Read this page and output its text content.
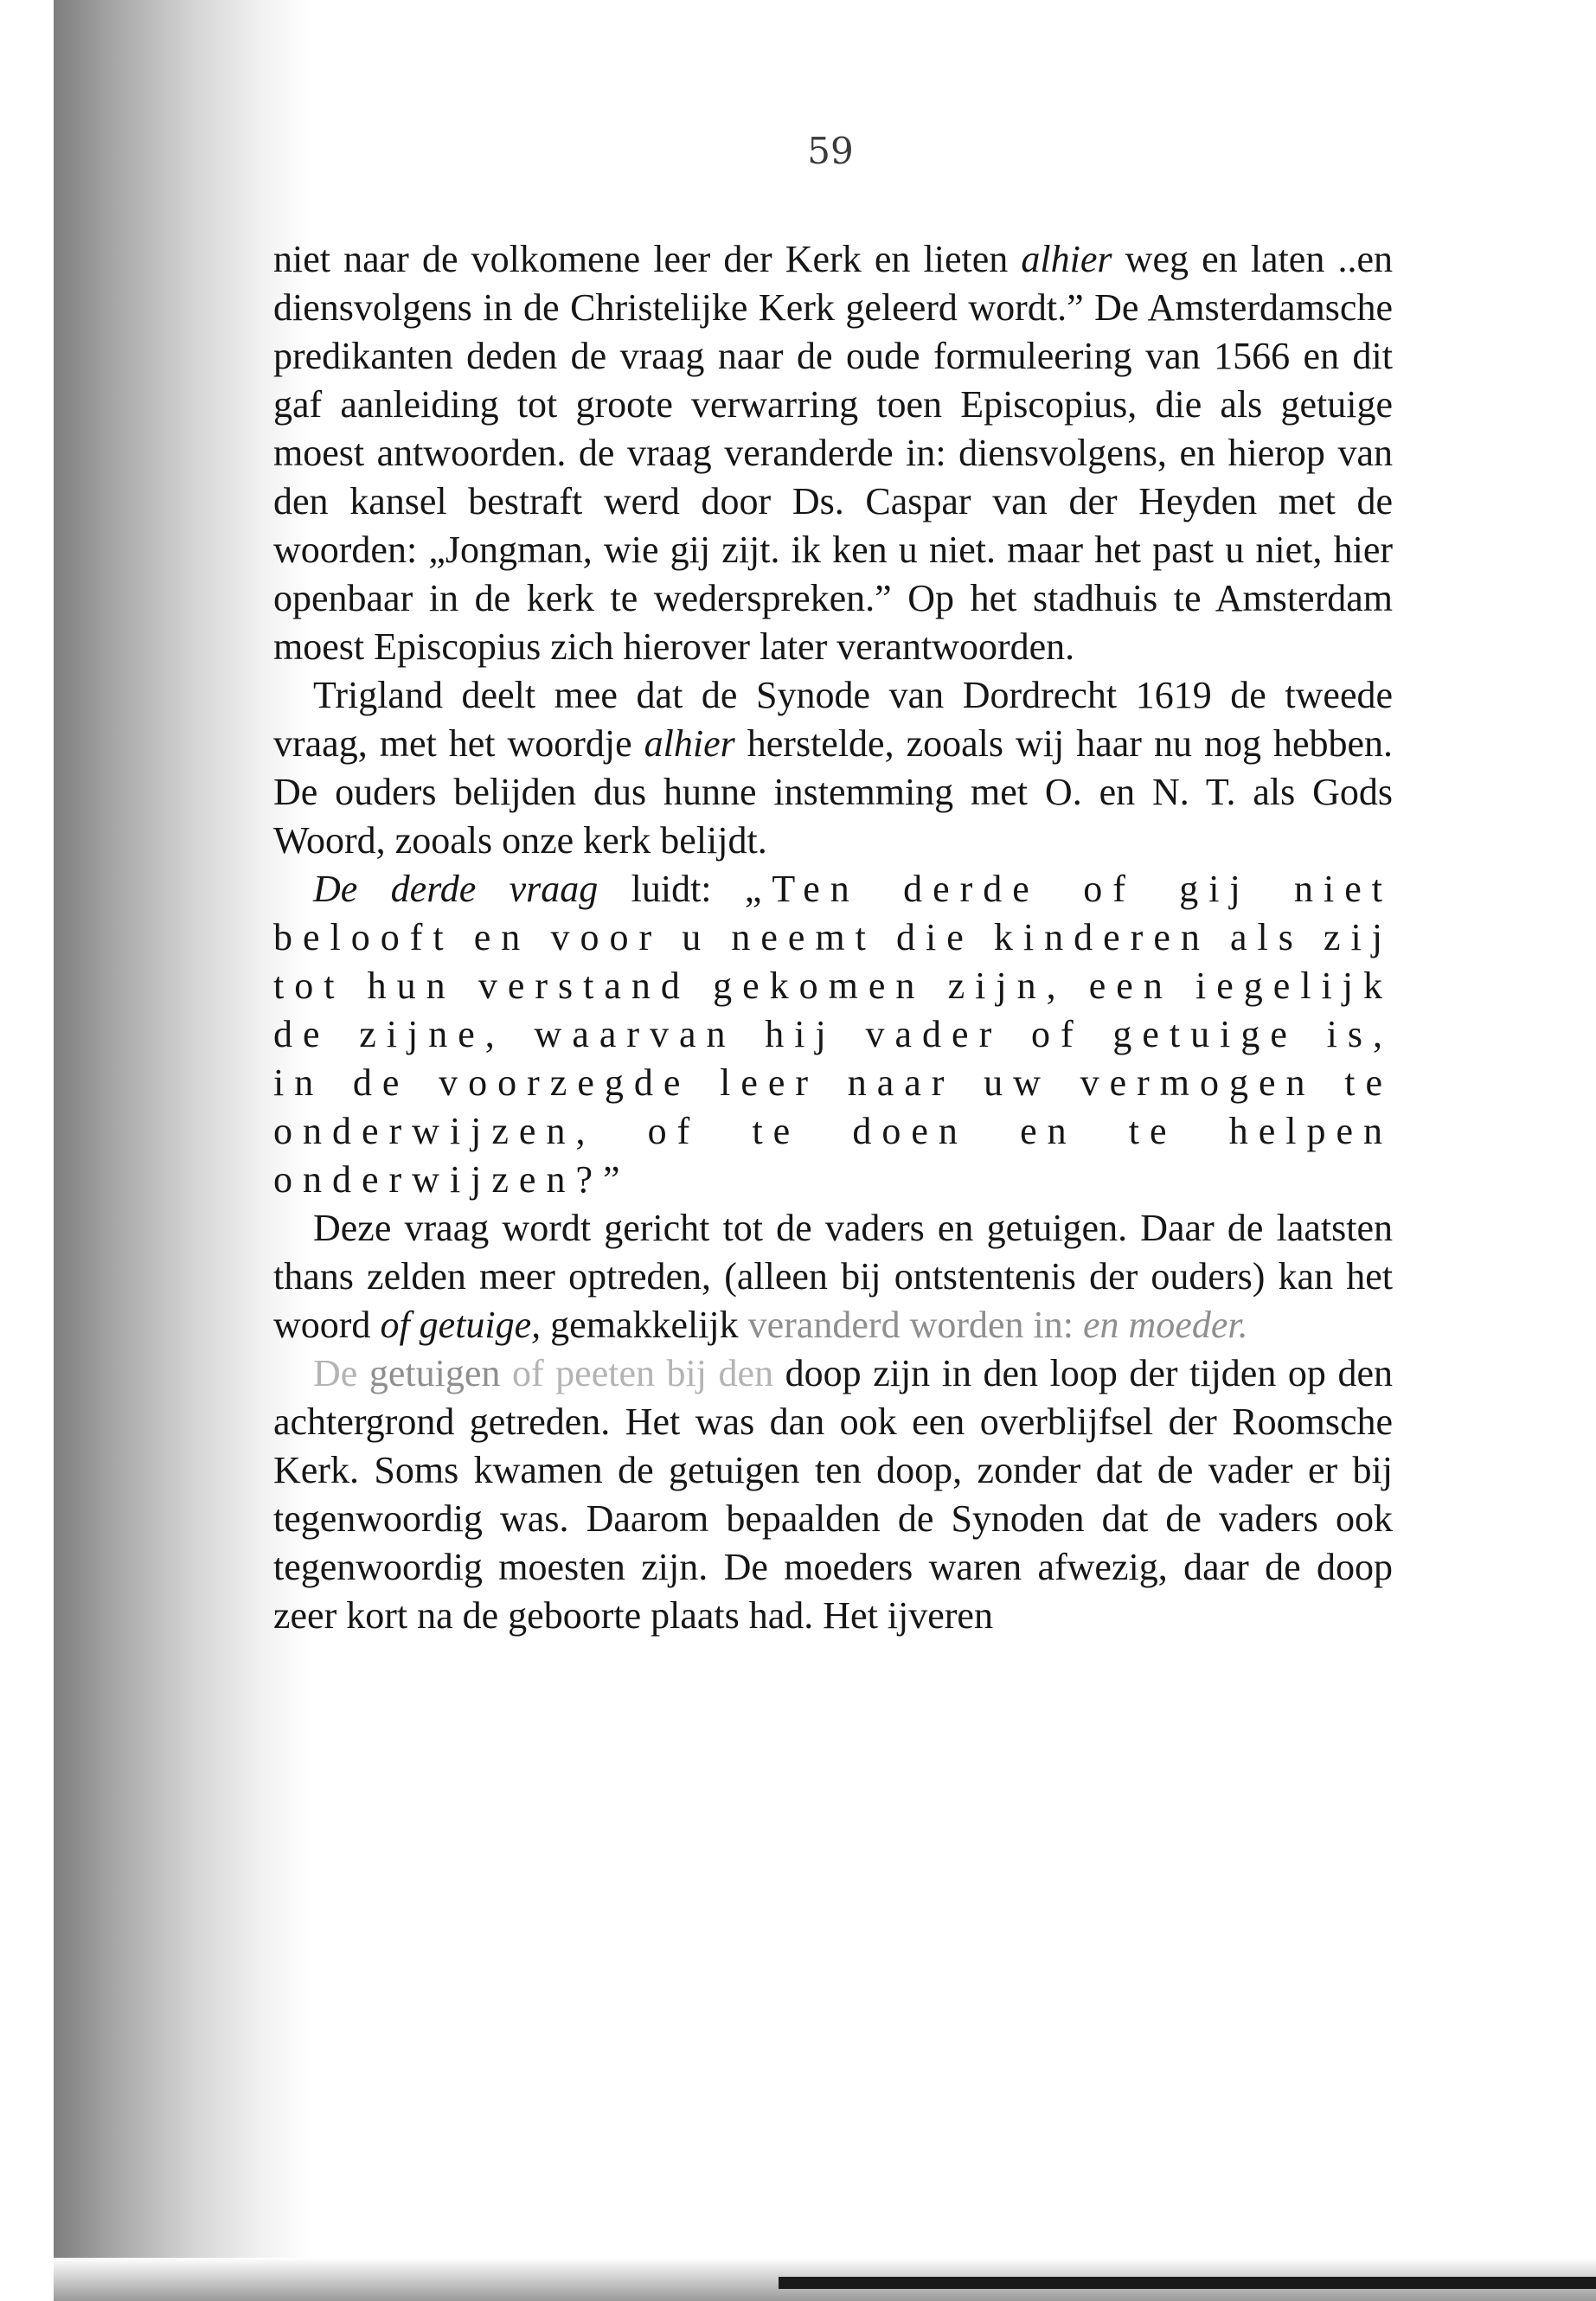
59

niet naar de volkomene leer der Kerk en lieten alhier weg en laten ..en diensvolgens in de Christelijke Kerk geleerd wordt.” De Amsterdamsche predikanten deden de vraag naar de oude formuleering van 1566 en dit gaf aanleiding tot groote verwarring toen Episcopius, die als getuige moest antwoorden. de vraag veranderde in: diensvolgens, en hierop van den kansel bestraft werd door Ds. Caspar van der Heyden met de woorden: „Jongman, wie gij zijt. ik ken u niet. maar het past u niet, hier openbaar in de kerk te wederspreken.” Op het stadhuis te Amsterdam moest Episcopius zich hierover later verantwoorden.

Trigland deelt mee dat de Synode van Dordrecht 1619 de tweede vraag, met het woordje alhier herstelde, zooals wij haar nu nog hebben. De ouders belijden dus hunne instemming met O. en N. T. als Gods Woord, zooals onze kerk belijdt.

De derde vraag luidt: „Ten derde of gij niet belooft en voor u neemt die kinderen als zij tot hun verstand gekomen zijn, een iegelijk de zijne, waarvan hij vader of getuige is, in de voorzegde leer naar uw vermogen te onderwijzen, of te doen en te helpen onderwijzen?”

Deze vraag wordt gericht tot de vaders en getuigen. Daar de laatsten thans zelden meer optreden, (alleen bij ontstentenis der ouders) kan het woord of getuige, gemakkelijk veranderd worden in: en moeder.

De getuigen of peeten bij den doop zijn in den loop der tijden op den achtergrond getreden. Het was dan ook een overblijfsel der Roomsche Kerk. Soms kwamen de getuigen ten doop, zonder dat de vader er bij tegenwoordig was. Daarom bepaalden de Synoden dat de vaders ook tegenwoordig moesten zijn. De moeders waren afwezig, daar de doop zeer kort na de geboorte plaats had. Het ijveren
